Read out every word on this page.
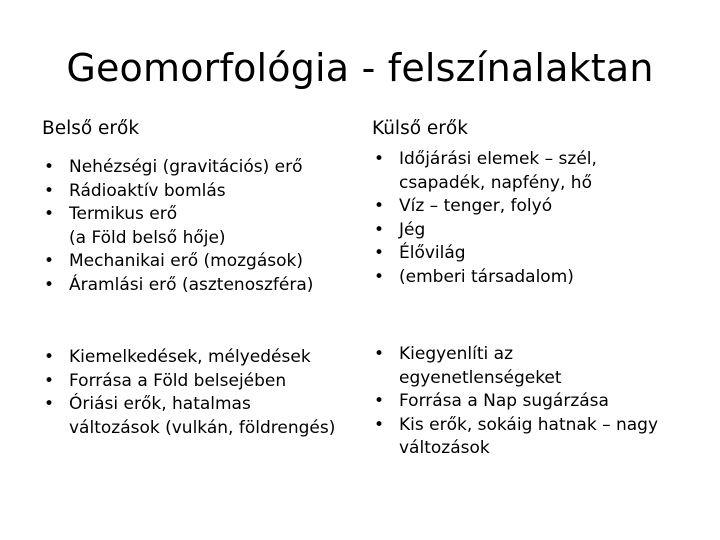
Geomorfológia - felszínalaktan
Belső erők
• Nehézségi (gravitációs) erő
• Rádioaktív bomlás
• Termikus erő
(a Föld belső hője)
• Mechanikai erő (mozgások)
• Áramlási erő (asztenoszféra)
• Kiemelkedések, mélyedések
• Forrása a Föld belsejében
• Óriási erők, hatalmas
változások (vulkán, földrengés)
Külső erők
• Időjárási elemek – szél,
csapadék, napfény, hő
• Víz – tenger, folyó
• Jég
• Élővilág
• (emberi társadalom)
• Kiegyenlíti az
egyenetlenségeket
• Forrása a Nap sugárzása
• Kis erők, sokáig hatnak – nagy
változások
